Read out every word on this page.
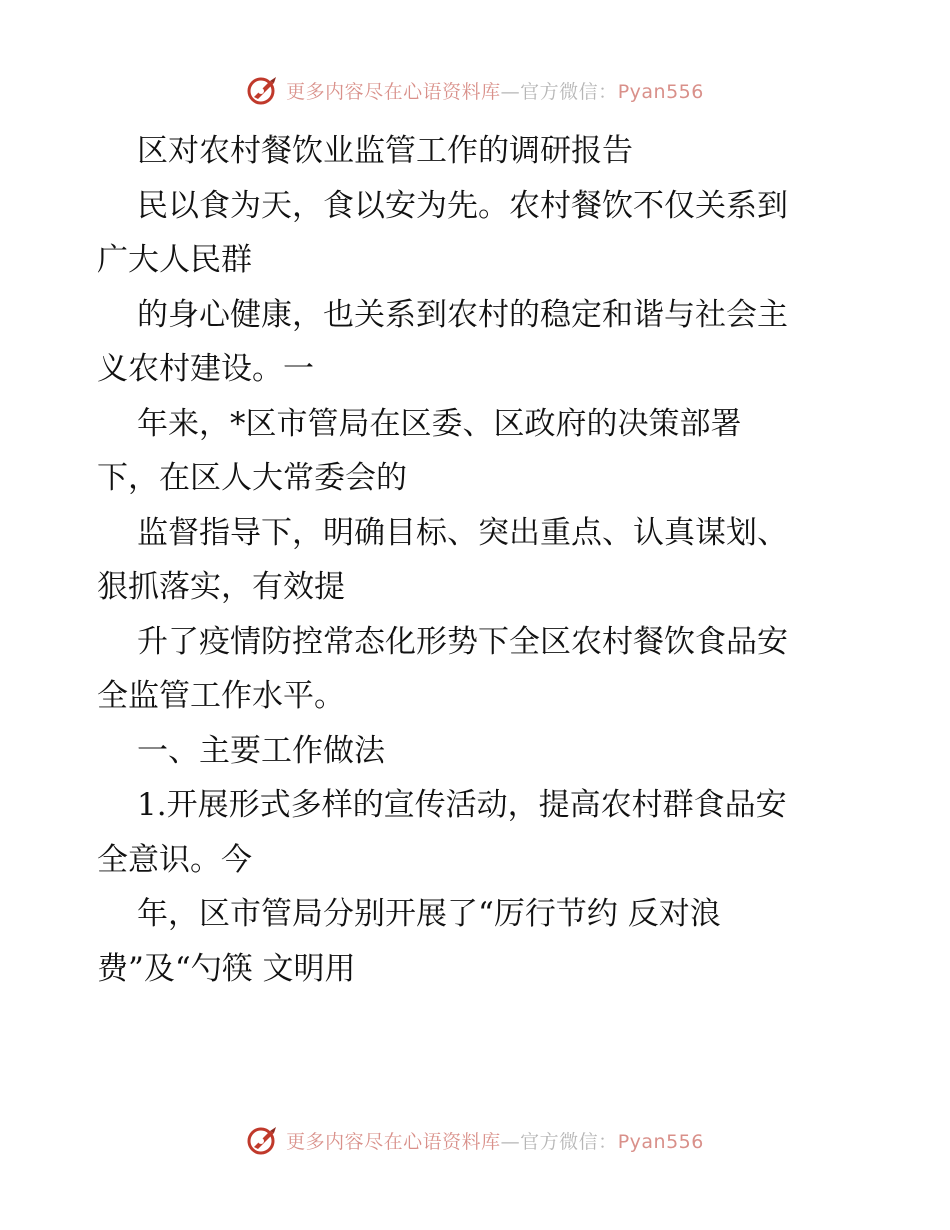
更多内容尽在心语资料库—官方微信：Pyan556
区对农村餐饮业监管工作的调研报告
民以食为天，食以安为先。农村餐饮不仅关系到
广大人民群
的身心健康，也关系到农村的稳定和谐与社会主
义农村建设。一
年来，*区市管局在区委、区政府的决策部署
下，在区人大常委会的
监督指导下，明确目标、突出重点、认真谋划、
狠抓落实，有效提
升了疫情防控常态化形势下全区农村餐饮食品安
全监管工作水平。
一、主要工作做法
1.开展形式多样的宣传活动，提高农村群食品安
全意识。今
年，区市管局分别开展了“厉行节约 反对浪
费”及“勺筷 文明用
更多内容尽在心语资料库—官方微信：Pyan556
